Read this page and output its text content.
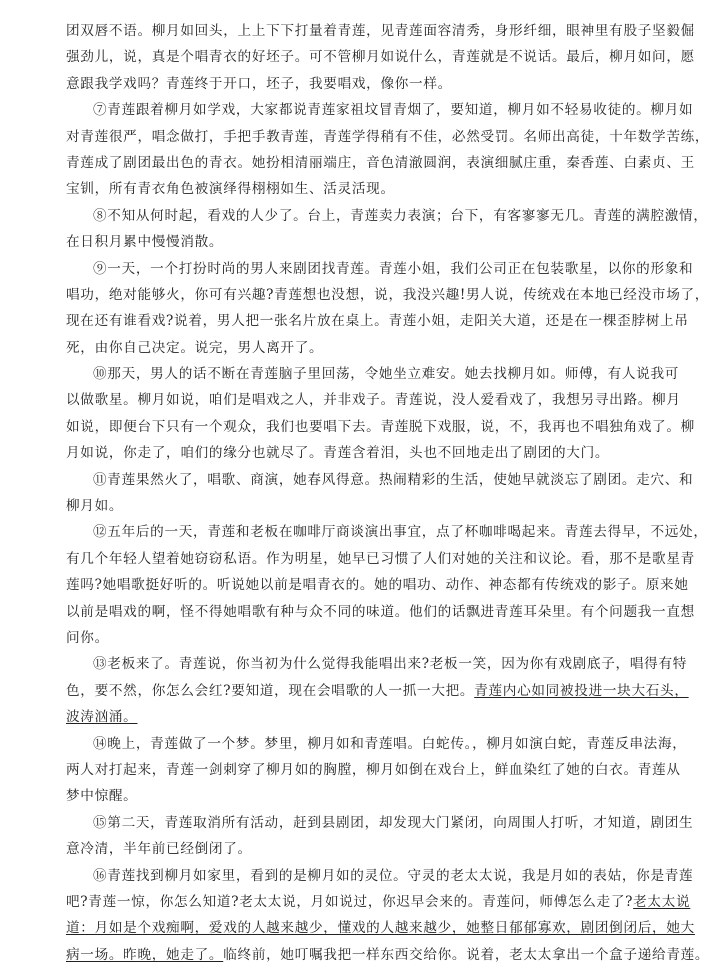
团双唇不语。柳月如回头，上上下下打量着青莲，见青莲面容清秀，身形纤细，眼神里有股子坚毅倔
强劲儿，说，真是个唱青衣的好坯子。可不管柳月如说什么，青莲就是不说话。最后，柳月如问，愿
意跟我学戏吗？青莲终于开口，坯子，我要唱戏，像你一样。
⑦青莲跟着柳月如学戏，大家都说青莲家祖坟冒青烟了，要知道，柳月如不轻易收徒的。柳月如
对青莲很严，唱念做打，手把手教青莲，青莲学得稍有不佳，必然受罚。名师出高徒，十年数学苦练，
青莲成了剧团最出色的青衣。她扮相清丽端庄，音色清澈圆润，表演细腻庄重，秦香莲、白素贞、王
宝钏，所有青衣角色被演绎得栩栩如生、活灵活现。
⑧不知从何时起，看戏的人少了。台上，青莲卖力表演；台下，有客寥寥无几。青莲的满腔激情，
在日积月累中慢慢消散。
⑨一天，一个打扮时尚的男人来剧团找青莲。青莲小姐，我们公司正在包装歌星，以你的形象和
唱功，绝对能够火，你可有兴趣?青莲想也没想，说，我没兴趣!男人说，传统戏在本地已经没市场了，
现在还有谁看戏?说着，男人把一张名片放在桌上。青莲小姐，走阳关大道，还是在一棵歪脖树上吊
死，由你自己决定。说完，男人离开了。
⑩那天，男人的话不断在青莲脑子里回荡，令她坐立难安。她去找柳月如。师傅，有人说我可
以做歌星。柳月如说，咱们是唱戏之人，并非戏子。青莲说，没人爱看戏了，我想另寻出路。柳月
如说，即便台下只有一个观众，我们也要唱下去。青莲脱下戏服，说，不，我再也不唱独角戏了。柳
月如说，你走了，咱们的缘分也就尽了。青莲含着泪，头也不回地走出了剧团的大门。
⑪青莲果然火了，唱歌、商演，她春风得意。热闹精彩的生活，使她早就淡忘了剧团。走穴、和
柳月如。
⑫五年后的一天，青莲和老板在咖啡厅商谈演出事宜，点了杯咖啡喝起来。青莲去得早，不远处，
有几个年轻人望着她窃窃私语。作为明星，她早已习惯了人们对她的关注和议论。看，那不是歌星青
莲吗?她唱歌挺好听的。听说她以前是唱青衣的。她的唱功、动作、神态都有传统戏的影子。原来她
以前是唱戏的啊，怪不得她唱歌有种与众不同的味道。他们的话飘进青莲耳朵里。有个问题我一直想
问你。
⑬老板来了。青莲说，你当初为什么觉得我能唱出来?老板一笑，因为你有戏剧底子，唱得有特
色，要不然，你怎么会红?要知道，现在会唱歌的人一抓一大把。青莲内心如同被投进一块大石头，
波涛汹涌。
⑭晚上，青莲做了一个梦。梦里，柳月如和青莲唱。白蛇传。，柳月如演白蛇，青莲反串法海，
两人对打起来，青莲一剑刺穿了柳月如的胸膛，柳月如倒在戏台上，鲜血染红了她的白衣。青莲从
梦中惊醒。
⑮第二天，青莲取消所有活动，赶到县剧团，却发现大门紧闭，向周围人打听，才知道，剧团生
意冷清，半年前已经倒闭了。
⑯青莲找到柳月如家里，看到的是柳月如的灵位。守灵的老太太说，我是月如的表姑，你是青莲
吧?青莲一惊，你怎么知道?老太太说，月如说过，你迟早会来的。青莲问，师傅怎么走了?老太太说
道：月如是个戏痴啊，爱戏的人越来越少，懂戏的人越来越少，她整日郁郁寡欢，剧团倒闭后，她大
病一场。昨晚，她走了。临终前，她叮嘱我把一样东西交给你。说着，老太太拿出一个盒子递给青莲。
